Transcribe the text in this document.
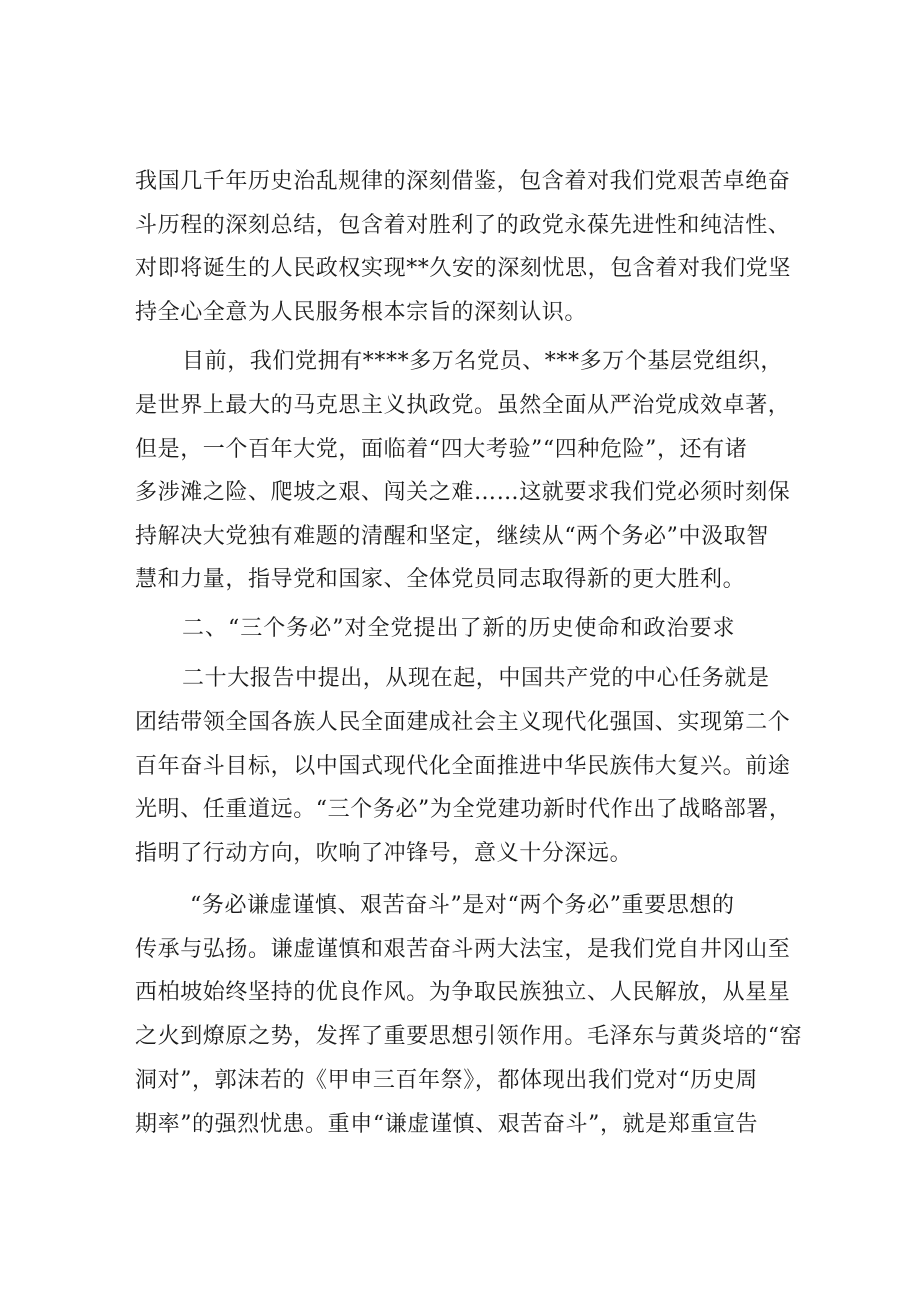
我国几千年历史治乱规律的深刻借鉴，包含着对我们党艰苦卓绝奋
斗历程的深刻总结，包含着对胜利了的政党永葆先进性和纯洁性、
对即将诞生的人民政权实现**久安的深刻忧思，包含着对我们党坚
持全心全意为人民服务根本宗旨的深刻认识。
目前，我们党拥有****多万名党员、***多万个基层党组织，
是世界上最大的马克思主义执政党。虽然全面从严治党成效卓著，
但是，一个百年大党，面临着“四大考验”“四种危险”，还有诸
多涉滩之险、爬坡之艰、闯关之难……这就要求我们党必须时刻保
持解决大党独有难题的清醒和坚定，继续从“两个务必”中汲取智
慧和力量，指导党和国家、全体党员同志取得新的更大胜利。
二、“三个务必”对全党提出了新的历史使命和政治要求
二十大报告中提出，从现在起，中国共产党的中心任务就是
团结带领全国各族人民全面建成社会主义现代化强国、实现第二个
百年奋斗目标，以中国式现代化全面推进中华民族伟大复兴。前途
光明、任重道远。“三个务必”为全党建功新时代作出了战略部署，
指明了行动方向，吹响了冲锋号，意义十分深远。
“务必谦虚谨慎、艰苦奋斗”是对“两个务必”重要思想的
传承与弘扬。谦虚谨慎和艰苦奋斗两大法宝，是我们党自井冈山至
西柏坡始终坚持的优良作风。为争取民族独立、人民解放，从星星
之火到燎原之势，发挥了重要思想引领作用。毛泽东与黄炎培的“窑
洞对”，郭沫若的《甲申三百年祭》，都体现出我们党对“历史周
期率”的强烈忧患。重申“谦虚谨慎、艰苦奋斗”，就是郑重宣告
